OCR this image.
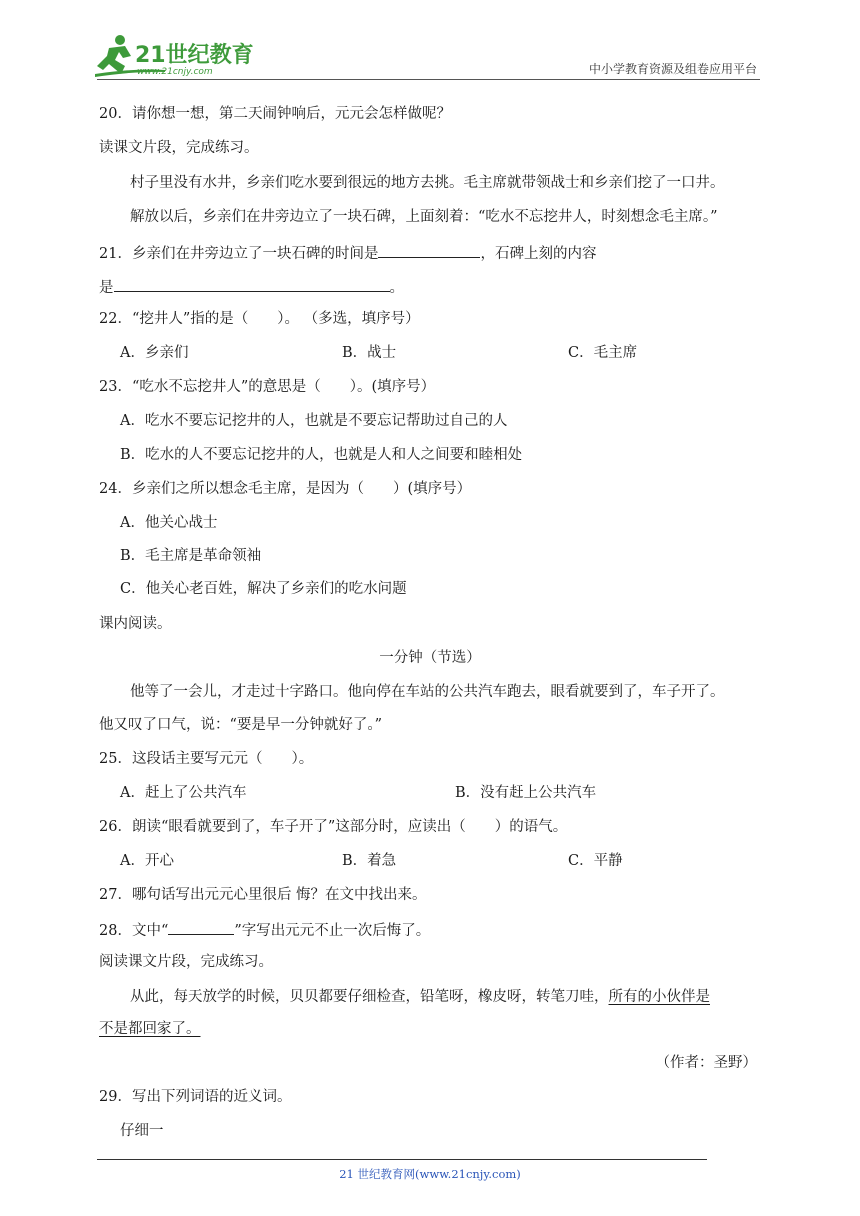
21世纪教育
www.21cnjy.com	中小学教育资源及组卷应用平台
20．请你想一想，第二天闹钟响后，元元会怎样做呢？
读课文片段，完成练习。
村子里没有水井，乡亲们吃水要到很远的地方去挑。毛主席就带领战士和乡亲们挖了一口井。
解放以后，乡亲们在井旁边立了一块石碑，上面刻着：“吃水不忘挖井人，时刻想念毛主席。”
21．乡亲们在井旁边立了一块石碑的时间是	，石碑上刻的内容
是	。
22．“挖井人”指的是（　　）。 （多选，填序号）
A．乡亲们	B．战士	C．毛主席
23．“吃水不忘挖井人”的意思是（　　）。(填序号）
A．吃水不要忘记挖井的人，也就是不要忘记帮助过自己的人
B．吃水的人不要忘记挖井的人，也就是人和人之间要和睦相处
24．乡亲们之所以想念毛主席，是因为（　　）(填序号）
A．他关心战士
B．毛主席是革命领袖
C．他关心老百姓，解决了乡亲们的吃水问题
课内阅读。
一分钟（节选）
他等了一会儿，才走过十字路口。他向停在车站的公共汽车跑去，眼看就要到了，车子开了。
他又叹了口气，说：“要是早一分钟就好了。”
25．这段话主要写元元（　　）。
A．赶上了公共汽车	B．没有赶上公共汽车
26．朗读“眼看就要到了，车子开了”这部分时，应读出（　　）的语气。
A．开心	B．着急	C．平静
27．哪句话写出元元心里很后 悔？在文中找出来。
28．文中“	”字写出元元不止一次后悔了。
阅读课文片段，完成练习。
从此，每天放学的时候，贝贝都要仔细检查，铅笔呀，橡皮呀，转笔刀哇，所有的小伙伴是
不是都回家了。
（作者：圣野）
29．写出下列词语的近义词。
仔细一
21 世纪教育网(www.21cnjy.com)
